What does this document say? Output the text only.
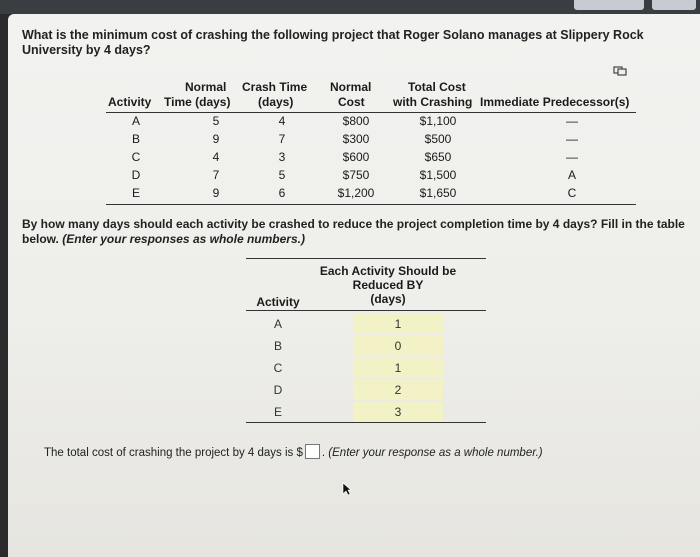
What is the minimum cost of crashing the following project that Roger Solano manages at Slippery Rock University by 4 days?
Normal
Activity Time (days)
Crash Time
(days)
Normal
Cost
Total Cost
with Crashing Immediate Predecessor(s)
A	5	4	$800	$1,100	—
B	9	7	$300	$500	—
C	4	3	$600	$650	—
D	7	5	$750	$1,500	A
E	9	6	$1,200	$1,650	C
By how many days should each activity be crashed to reduce the project completion time by 4 days? Fill in the table below. (Enter your responses as whole numbers.)
Each Activity Should be
Reduced BY
(days)
Activity
A	1
B	0
C	1
D	2
E	3
The total cost of crashing the project by 4 days is $ . (Enter your response as a whole number.)
